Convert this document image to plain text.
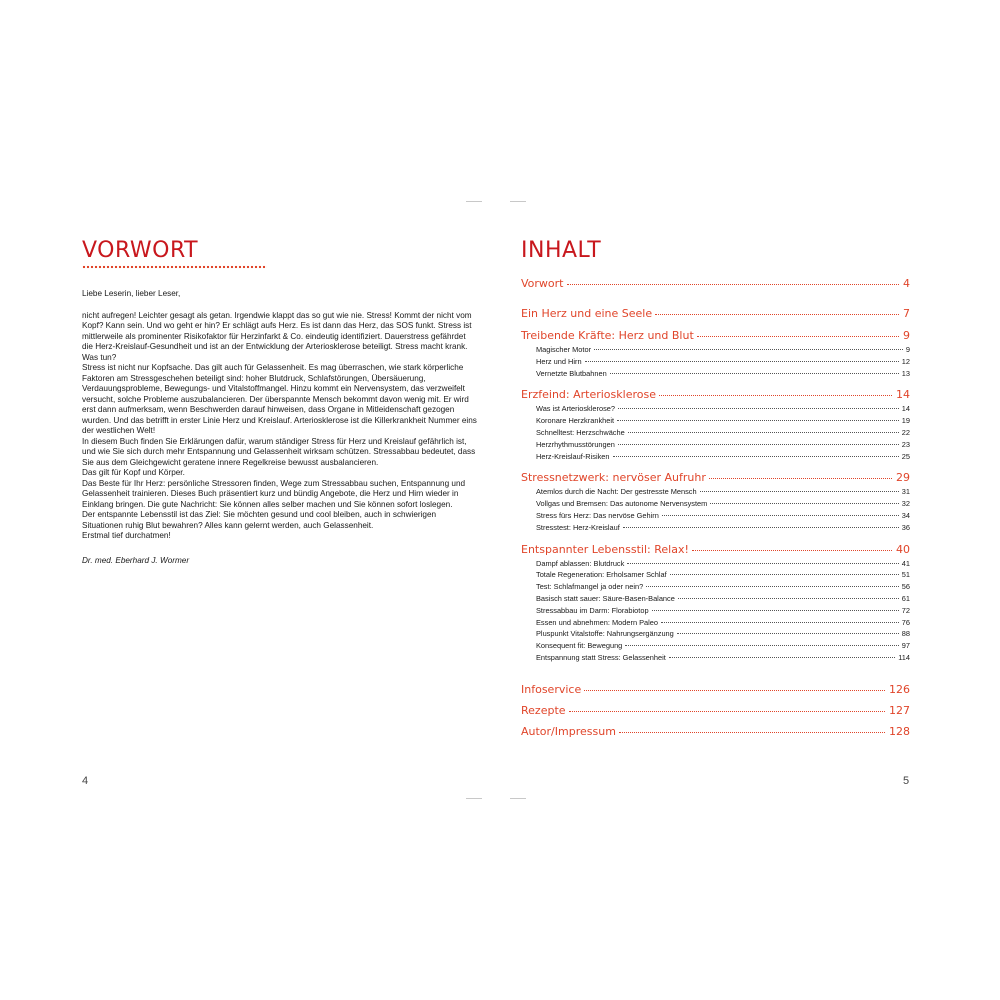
VORWORT

Liebe Leserin, lieber Leser,

nicht aufregen! Leichter gesagt als getan. Irgendwie klappt das so gut wie nie. Stress! Kommt der nicht vom Kopf? Kann sein. Und wo geht er hin? Er schlägt aufs Herz. Es ist dann das Herz, das SOS funkt. Stress ist mittlerweile als prominenter Risikofaktor für Herzinfarkt & Co. eindeutig identifiziert. Dauerstress gefährdet die Herz-Kreislauf-Gesundheit und ist an der Entwicklung der Arteriosklerose beteiligt. Stress macht krank. Was tun?

Stress ist nicht nur Kopfsache. Das gilt auch für Gelassenheit. Es mag überraschen, wie stark körperliche Faktoren am Stressgeschehen beteiligt sind: hoher Blutdruck, Schlafstörungen, Übersäuerung, Verdauungsprobleme, Bewegungs- und Vitalstoffmangel. Hinzu kommt ein Nervensystem, das verzweifelt versucht, solche Probleme auszubalancieren. Der überspannte Mensch bekommt davon wenig mit. Er wird erst dann aufmerksam, wenn Beschwerden darauf hinweisen, dass Organe in Mitleidenschaft gezogen wurden. Und das betrifft in erster Linie Herz und Kreislauf. Arteriosklerose ist die Killerkrankheit Nummer eins der westlichen Welt!

In diesem Buch finden Sie Erklärungen dafür, warum ständiger Stress für Herz und Kreislauf gefährlich ist, und wie Sie sich durch mehr Entspannung und Gelassenheit wirksam schützen. Stressabbau bedeutet, dass Sie aus dem Gleichgewicht geratene innere Regelkreise bewusst ausbalancieren.

Das gilt für Kopf und Körper.

Das Beste für Ihr Herz: persönliche Stressoren finden, Wege zum Stressabbau suchen, Entspannung und Gelassenheit trainieren. Dieses Buch präsentiert kurz und bündig Angebote, die Herz und Hirn wieder in Einklang bringen. Die gute Nachricht: Sie können alles selber machen und Sie können sofort loslegen.

Der entspannte Lebensstil ist das Ziel: Sie möchten gesund und cool bleiben, auch in schwierigen Situationen ruhig Blut bewahren? Alles kann gelernt werden, auch Gelassenheit.

Erstmal tief durchatmen!

Dr. med. Eberhard J. Wormer

4
INHALT
Vorwort	4
Ein Herz und eine Seele	7
Treibende Kräfte: Herz und Blut	9
Magischer Motor	9
Herz und Hirn	12
Vernetzte Blutbahnen	13
Erzfeind: Arteriosklerose	14
Was ist Arteriosklerose?	14
Koronare Herzkrankheit	19
Schnelltest: Herzschwäche	22
Herzrhythmusstörungen	23
Herz-Kreislauf-Risiken	25
Stressnetzwerk: nervöser Aufruhr	29
Atemlos durch die Nacht: Der gestresste Mensch	31
Vollgas und Bremsen: Das autonome Nervensystem	32
Stress fürs Herz: Das nervöse Gehirn	34
Stresstest: Herz-Kreislauf	36
Entspannter Lebensstil: Relax!	40
Dampf ablassen: Blutdruck	41
Totale Regeneration: Erholsamer Schlaf	51
Test: Schlafmangel ja oder nein?	56
Basisch statt sauer: Säure-Basen-Balance	61
Stressabbau im Darm: Florabiotop	72
Essen und abnehmen: Modern Paleo	76
Pluspunkt Vitalstoffe: Nahrungsergänzung	88
Konsequent fit: Bewegung	97
Entspannung statt Stress: Gelassenheit	114
Infoservice	126
Rezepte	127
Autor/Impressum	128
5
